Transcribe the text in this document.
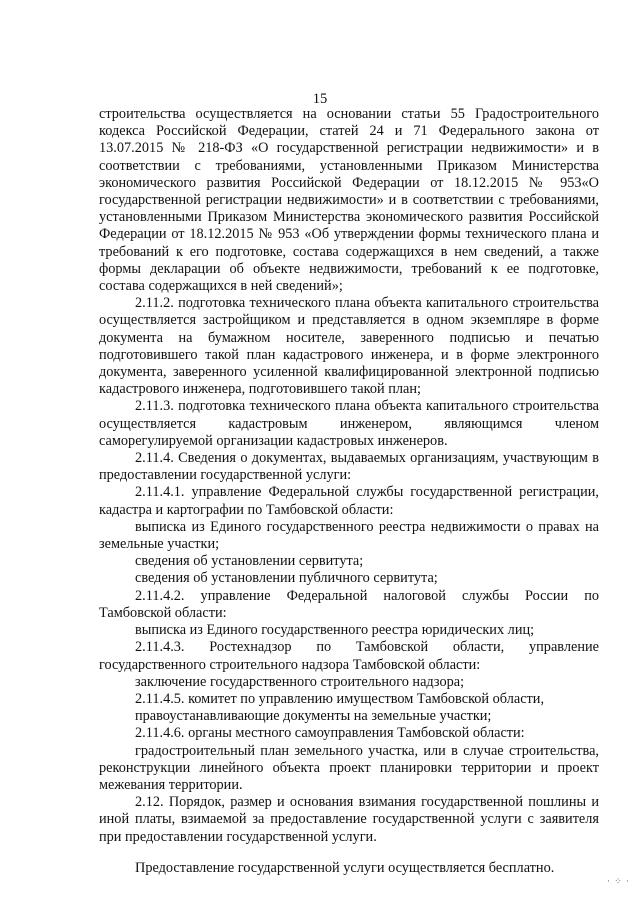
15

строительства осуществляется на основании статьи 55 Градостроительного кодекса Российской Федерации, статей 24 и 71 Федерального закона от 13.07.2015 № 218-ФЗ «О государственной регистрации недвижимости» и в соответствии с требованиями, установленными Приказом Министерства экономического развития Российской Федерации от 18.12.2015 № 953«О государственной регистрации недвижимости» и в соответствии с требованиями, установленными Приказом Министерства экономического развития Российской Федерации от 18.12.2015 № 953 «Об утверждении формы технического плана и требований к его подготовке, состава содержащихся в нем сведений, а также формы декларации об объекте недвижимости, требований к ее подготовке, состава содержащихся в ней сведений»;

2.11.2. подготовка технического плана объекта капитального строительства осуществляется застройщиком и представляется в одном экземпляре в форме документа на бумажном носителе, заверенного подписью и печатью подготовившего такой план кадастрового инженера, и в форме электронного документа, заверенного усиленной квалифицированной электронной подписью кадастрового инженера, подготовившего такой план;

2.11.3. подготовка технического плана объекта капитального строительства осуществляется кадастровым инженером, являющимся членом саморегулируемой организации кадастровых инженеров.

2.11.4. Сведения о документах, выдаваемых организациям, участвующим в предоставлении государственной услуги:

2.11.4.1. управление Федеральной службы государственной регистрации, кадастра и картографии по Тамбовской области:

выписка из Единого государственного реестра недвижимости о правах на земельные участки;

сведения об установлении сервитута;

сведения об установлении публичного сервитута;

2.11.4.2. управление Федеральной налоговой службы России по Тамбовской области:

выписка из Единого государственного реестра юридических лиц;

2.11.4.3. Ростехнадзор по Тамбовской области, управление государственного строительного надзора Тамбовской области:

заключение государственного строительного надзора;

2.11.4.5. комитет по управлению имуществом Тамбовской области,

правоустанавливающие документы на земельные участки;

2.11.4.6. органы местного самоуправления Тамбовской области:

градостроительный план земельного участка, или в случае строительства, реконструкции линейного объекта проект планировки территории и проект межевания территории.

2.12. Порядок, размер и основания взимания государственной пошлины и иной платы, взимаемой за предоставление государственной услуги с заявителя при предоставлении государственной услуги.

Предоставление государственной услуги осуществляется бесплатно.

· ⁘ ·
